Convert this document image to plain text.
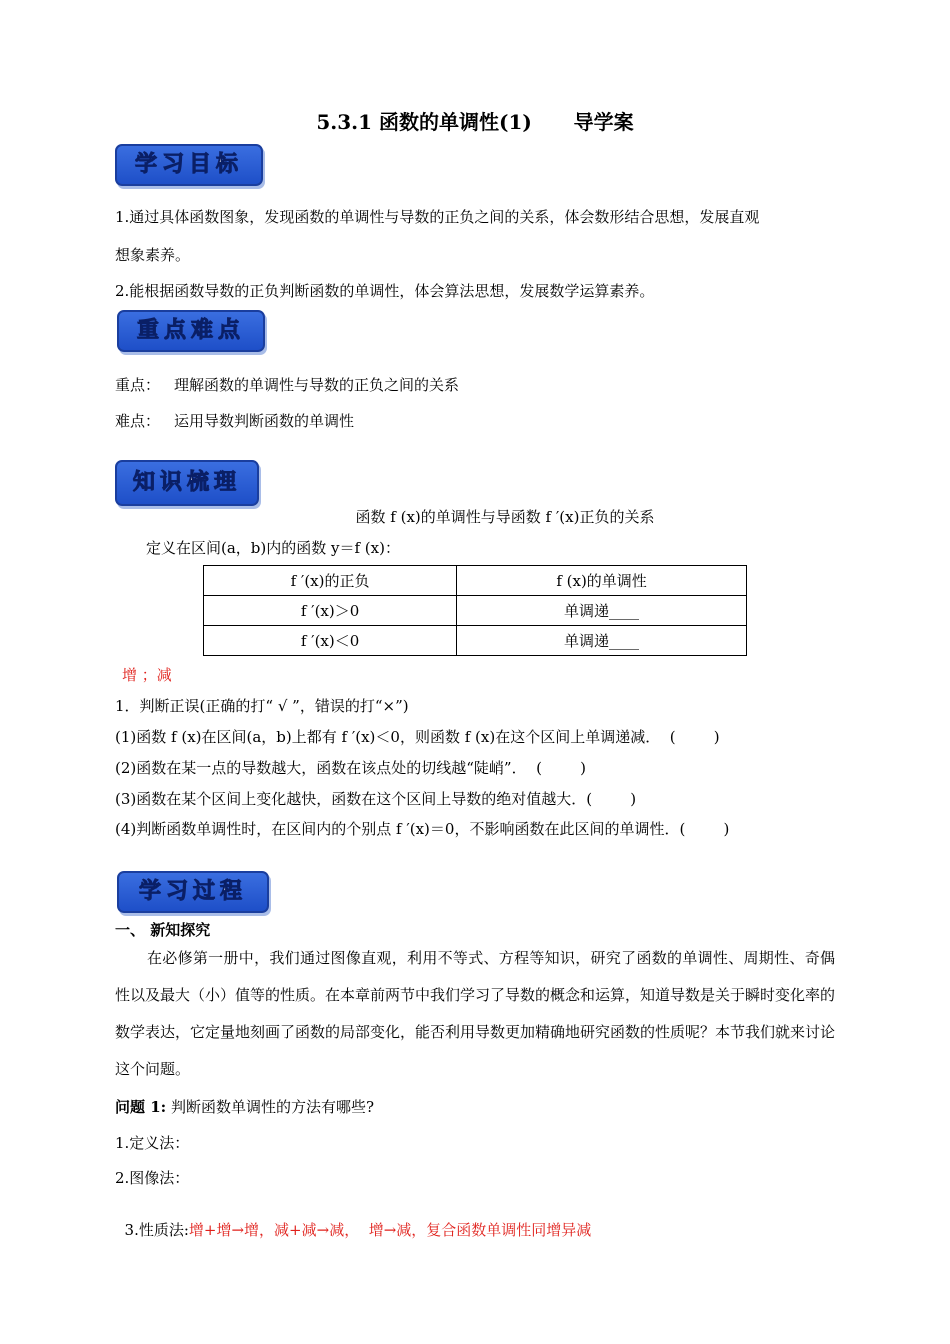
5.3.1 函数的单调性(1)      导学案
学习目标
1.通过具体函数图象，发现函数的单调性与导数的正负之间的关系，体会数形结合思想，发展直观
想象素养。
2.能根据函数导数的正负判断函数的单调性，体会算法思想，发展数学运算素养。
重点难点
重点： 理解函数的单调性与导数的正负之间的关系
难点： 运用导数判断函数的单调性
知识梳理
函数 f (x)的单调性与导函数 f ′(x)正负的关系
定义在区间(a，b)内的函数 y＝f (x)：
f ′(x)的正负	f (x)的单调性
f ′(x)＞0	单调递____
f ′(x)＜0	单调递____
增 ；减
1．判断正误(正确的打“ √ ”，错误的打“×”)
(1)函数 f (x)在区间(a，b)上都有 f ′(x)＜0，则函数 f (x)在这个区间上单调递减．  (        )
(2)函数在某一点的导数越大，函数在该点处的切线越“陡峭”．  (        )
(3)函数在某个区间上变化越快，函数在这个区间上导数的绝对值越大．(        )
(4)判断函数单调性时，在区间内的个别点 f ′(x)＝0，不影响函数在此区间的单调性．(        )
学习过程
一、 新知探究
在必修第一册中，我们通过图像直观，利用不等式、方程等知识，研究了函数的单调性、周期性、奇偶性以及最大（小）值等的性质。在本章前两节中我们学习了导数的概念和运算，知道导数是关于瞬时变化率的数学表达，它定量地刻画了函数的局部变化，能否利用导数更加精确地研究函数的性质呢？本节我们就来讨论这个问题。
问题 1: 判断函数单调性的方法有哪些?
1.定义法：
2.图像法：

3.性质法:增+增→增，减+减→减，  增→减，复合函数单调性同增异减
